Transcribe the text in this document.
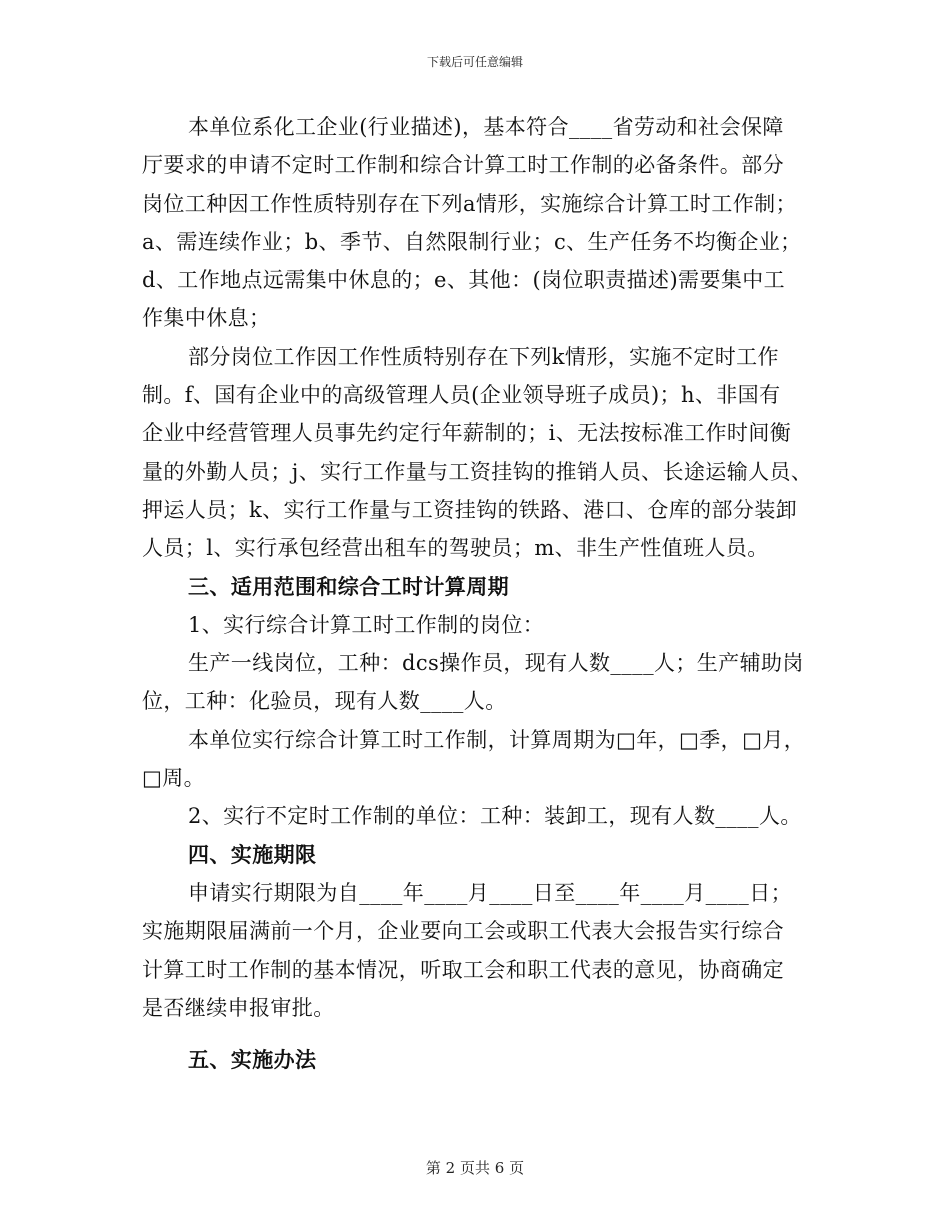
下载后可任意编辑
本单位系化工企业(行业描述)，基本符合____省劳动和社会保障
厅要求的申请不定时工作制和综合计算工时工作制的必备条件。部分
岗位工种因工作性质特别存在下列a情形，实施综合计算工时工作制；
a、需连续作业；b、季节、自然限制行业；c、生产任务不均衡企业；
d、工作地点远需集中休息的；e、其他：(岗位职责描述)需要集中工
作集中休息；
部分岗位工作因工作性质特别存在下列k情形，实施不定时工作
制。f、国有企业中的高级管理人员(企业领导班子成员)；h、非国有
企业中经营管理人员事先约定行年薪制的；i、无法按标准工作时间衡
量的外勤人员；j、实行工作量与工资挂钩的推销人员、长途运输人员、
押运人员；k、实行工作量与工资挂钩的铁路、港口、仓库的部分装卸
人员；l、实行承包经营出租车的驾驶员；m、非生产性值班人员。
三、适用范围和综合工时计算周期
1、实行综合计算工时工作制的岗位：
生产一线岗位，工种：dcs操作员，现有人数____人；生产辅助岗
位，工种：化验员，现有人数____人。
本单位实行综合计算工时工作制，计算周期为□年，□季，□月，
□周。
2、实行不定时工作制的单位：工种：装卸工，现有人数____人。
四、实施期限
申请实行期限为自____年____月____日至____年____月____日；
实施期限届满前一个月，企业要向工会或职工代表大会报告实行综合
计算工时工作制的基本情况，听取工会和职工代表的意见，协商确定
是否继续申报审批。
五、实施办法
第 2 页共 6 页
